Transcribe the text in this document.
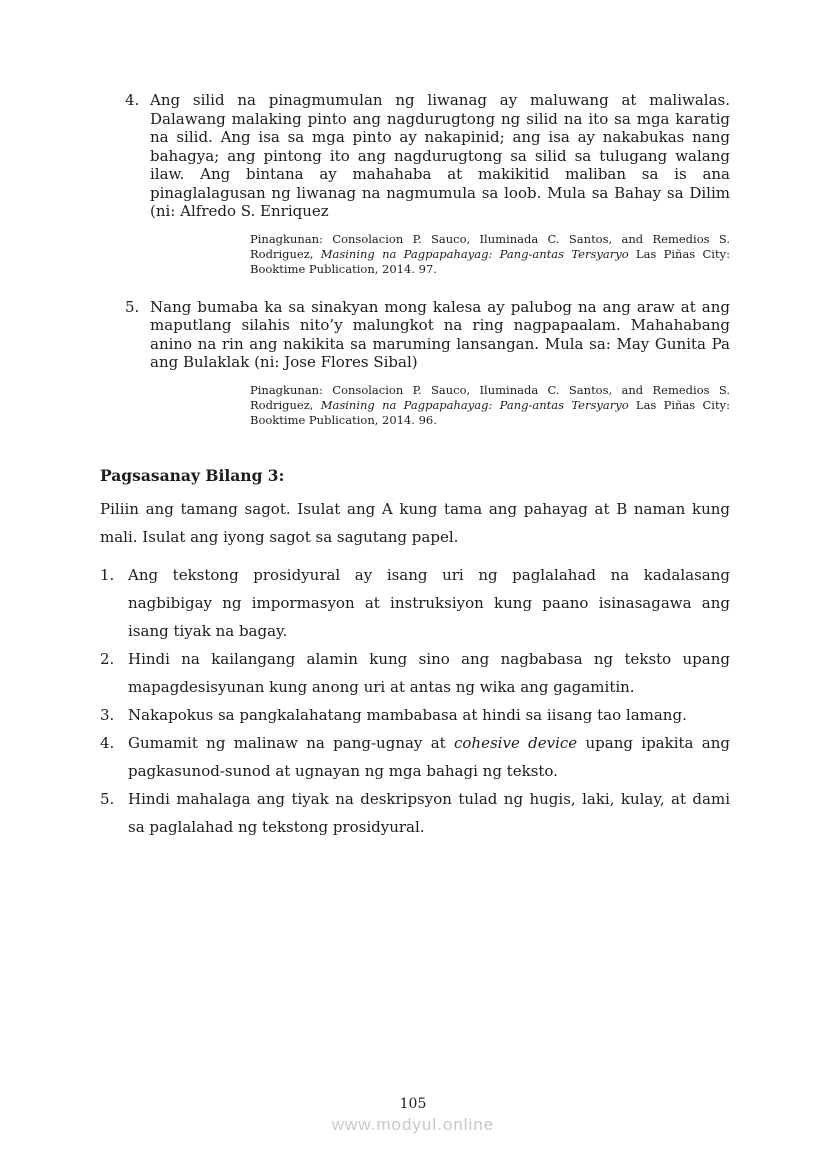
4. Ang silid na pinagmumulan ng liwanag ay maluwang at maliwalas. Dalawang malaking pinto ang nagdurugtong ng silid na ito sa mga karatig na silid. Ang isa sa mga pinto ay nakapinid; ang isa ay nakabukas nang bahagya; ang pintong ito ang nagdurugtong sa silid sa tulugang walang ilaw. Ang bintana ay mahahaba at makikitid maliban sa is ana pinaglalagusan ng liwanag na nagmumula sa loob. Mula sa Bahay sa Dilim (ni: Alfredo S. Enriquez
Pinagkunan: Consolacion P. Sauco, Iluminada C. Santos, and Remedios S. Rodriguez, Masining na Pagpapahayag: Pang-antas Tersyaryo Las Piñas City: Booktime Publication, 2014. 97.
5. Nang bumaba ka sa sinakyan mong kalesa ay palubog na ang araw at ang maputlang silahis nito’y malungkot na ring nagpapaalam. Mahahabang anino na rin ang nakikita sa maruming lansangan. Mula sa: May Gunita Pa ang Bulaklak (ni: Jose Flores Sibal)
Pinagkunan: Consolacion P. Sauco, Iluminada C. Santos, and Remedios S. Rodriguez, Masining na Pagpapahayag: Pang-antas Tersyaryo Las Piñas City: Booktime Publication, 2014. 96.
Pagsasanay Bilang 3:
Piliin ang tamang sagot. Isulat ang A kung tama ang pahayag at B naman kung mali. Isulat ang iyong sagot sa sagutang papel.
1. Ang tekstong prosidyural ay isang uri ng paglalahad na kadalasang nagbibigay ng impormasyon at instruksiyon kung paano isinasagawa ang isang tiyak na bagay.
2. Hindi na kailangang alamin kung sino ang nagbabasa ng teksto upang mapagdesisyunan kung anong uri at antas ng wika ang gagamitin.
3. Nakapokus sa pangkalahatang mambabasa at hindi sa iisang tao lamang.
4. Gumamit ng malinaw na pang-ugnay at cohesive device upang ipakita ang pagkasunod-sunod at ugnayan ng mga bahagi ng teksto.
5. Hindi mahalaga ang tiyak na deskripsyon tulad ng hugis, laki, kulay, at dami sa paglalahad ng tekstong prosidyural.
105
www.modyul.online
